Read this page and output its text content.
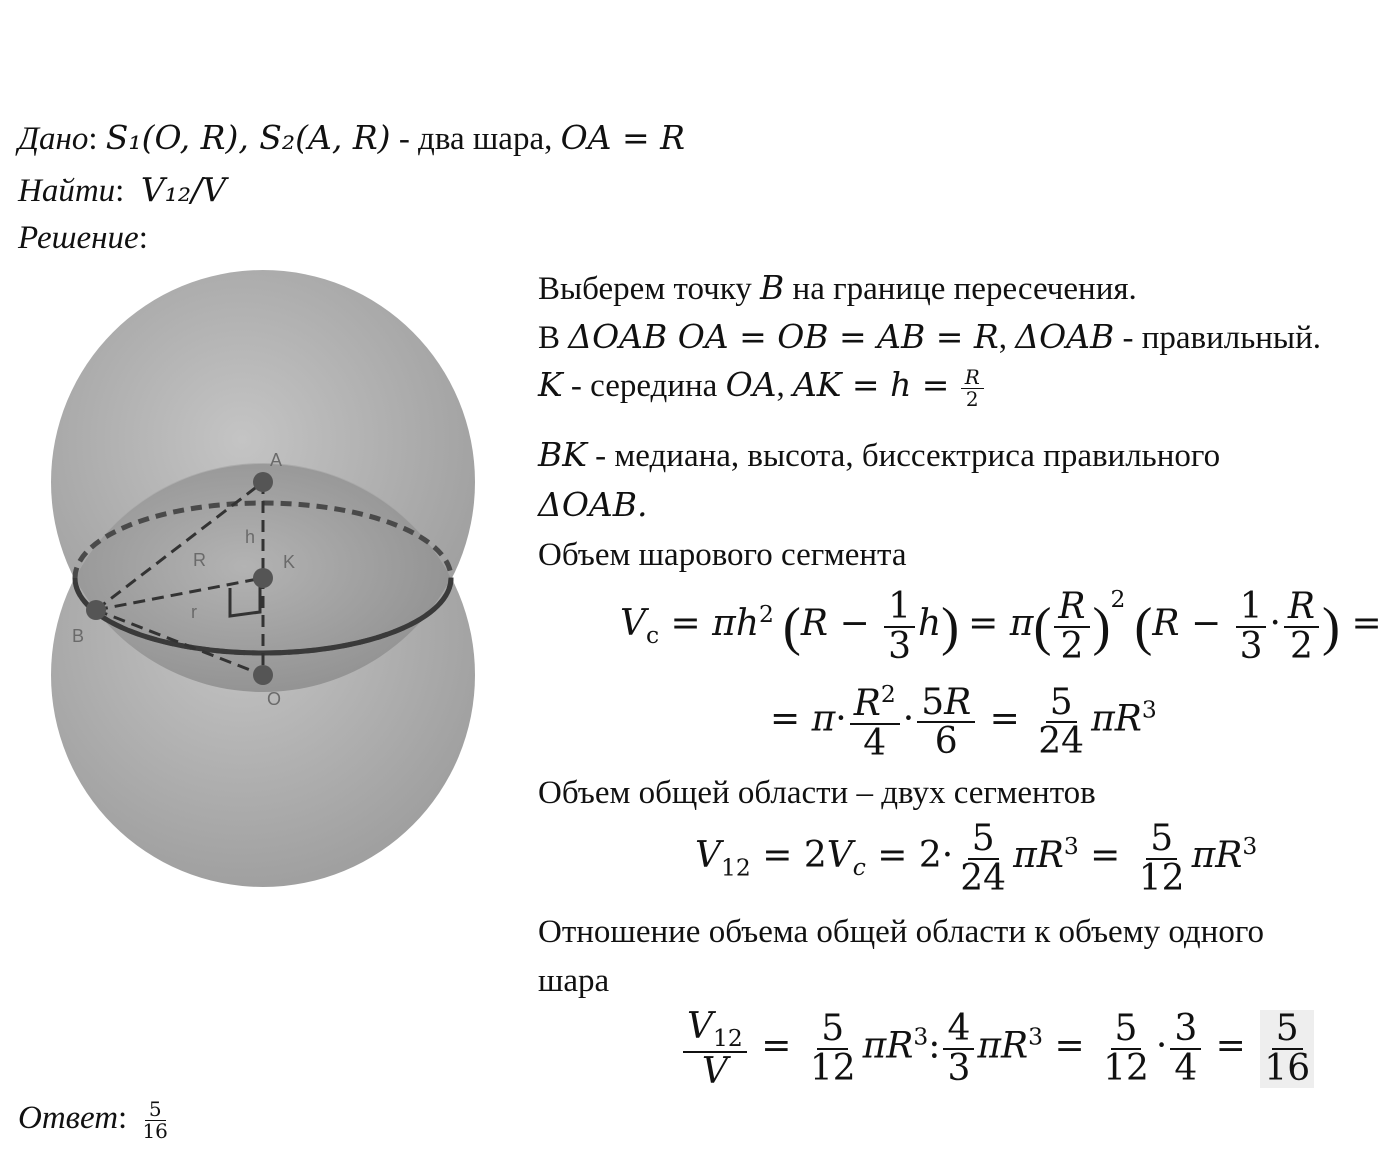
Дано: S₁(O, R), S₂(A, R) - два шара, OA = R
Найти:  V₁₂/V
Решение:
A
K
B
O
R
h
r
Выберем точку B на границе пересечения.
В ΔOAB OA = OB = AB = R, ΔOAB - правильный.
K - середина OA, AK = $h = \frac{R}{2}$
BK - медиана, высота, биссектриса правильного
ΔOAB.
Объем шарового сегмента
$V_c = \pi h^2$ $(R - \frac{1}{3} h) = \pi( \frac{R}{2} )^2$ ($R - \frac{1}{3} \cdot \frac{R}{2}$ ) =
= $\pi\cdot \frac{R^2}{4} \cdot \frac{5R}{6} = \frac{5}{24} \pi R^3$
Объем общей области – двух сегментов
$V_{12} = 2V_c = 2\cdot \frac{5}{24} \pi R^3 = \frac{5}{12} \pi R^3$
Отношение объема общей области к объему одного
шара
$\frac{V_{12}}{V} = \frac{5}{12} \pi R^3$: $\frac{4}{3} \pi R^3 = \frac{5}{12} \cdot \frac{3}{4} = \frac{5}{16}$
Ответ: $\frac{5}{16}$
